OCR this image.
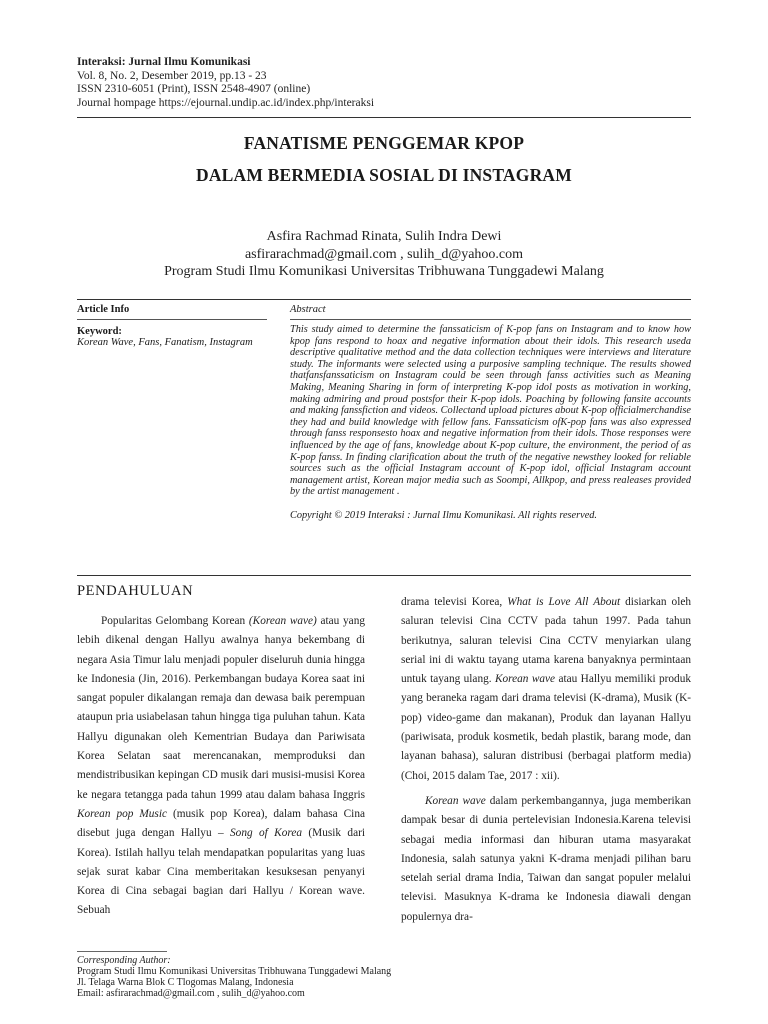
Interaksi: Jurnal Ilmu Komunikasi
Vol. 8, No. 2, Desember 2019, pp.13 - 23
ISSN 2310-6051 (Print), ISSN 2548-4907 (online)
Journal hompage https://ejournal.undip.ac.id/index.php/interaksi
FANATISME PENGGEMAR KPOP
DALAM BERMEDIA SOSIAL DI INSTAGRAM
Asfira Rachmad Rinata, Sulih Indra Dewi
asfirarachmad@gmail.com , sulih_d@yahoo.com
Program Studi Ilmu Komunikasi Universitas Tribhuwana Tunggadewi Malang
Article Info
Keyword:
Korean Wave, Fans, Fanatism, Instagram
Abstract
This study aimed to determine the fanssaticism of K-pop fans on Instagram and to know how kpop fans respond to hoax and negative information about their idols. This research useda descriptive qualitative method and the data collection techniques were interviews and literature study. The informants were selected using a purposive sampling technique. The results showed thatfansfanssaticism on Instagram could be seen through fanss activities such as Meaning Making, Meaning Sharing in form of interpreting K-pop idol posts as motivation in working, making admiring and proud postsfor their K-pop idols. Poaching by following fansite accounts and making fanssfiction and videos. Collectand upload pictures about K-pop officialmerchandise they had and build knowledge with fellow fans. Fanssaticism ofK-pop fans was also expressed through fanss responsesto hoax and negative information from their idols. Those responses were influenced by the age of fans, knowledge about K-pop culture, the environment, the period of as K-pop fanss. In finding clarification about the truth of the negative newsthey looked for reliable sources such as the official Instagram account of K-pop idol, official Instagram account management artist, Korean major media such as Soompi, Allkpop, and press realeases provided by the artist management .
Copyright © 2019 Interaksi : Jurnal Ilmu Komunikasi. All rights reserved.
PENDAHULUAN

Popularitas Gelombang Korean (Korean wave) atau yang lebih dikenal dengan Hallyu awalnya hanya bekembang di negara Asia Timur lalu menjadi populer diseluruh dunia hingga ke Indonesia (Jin, 2016). Perkembangan budaya Korea saat ini sangat populer dikalangan remaja dan dewasa baik perempuan ataupun pria usiabelasan tahun hingga tiga puluhan tahun. Kata Hallyu digunakan oleh Kementrian Budaya dan Pariwisata Korea Selatan saat merencanakan, memproduksi dan mendistribusikan kepingan CD musik dari musisi-musisi Korea ke negara tetangga pada tahun 1999 atau dalam bahasa Inggris Korean pop Music (musik pop Korea), dalam bahasa Cina disebut juga dengan Hallyu – Song of Korea (Musik dari Korea). Istilah hallyu telah mendapatkan popularitas yang luas sejak surat kabar Cina memberitakan kesuksesan penyanyi Korea di Cina sebagai bagian dari Hallyu / Korean wave. Sebuah

drama televisi Korea, What is Love All About disiarkan oleh saluran televisi Cina CCTV pada tahun 1997. Pada tahun berikutnya, saluran televisi Cina CCTV menyiarkan ulang serial ini di waktu tayang utama karena banyaknya permintaan untuk tayang ulang. Korean wave atau Hallyu memiliki produk yang beraneka ragam dari drama televisi (K-drama), Musik (K-pop) video-game dan makanan), Produk dan layanan Hallyu (pariwisata, produk kosmetik, bedah plastik, barang mode, dan layanan bahasa), saluran distribusi (berbagai platform media) (Choi, 2015 dalam Tae, 2017 : xii).

Korean wave dalam perkembangannya, juga memberikan dampak besar di dunia pertelevisian Indonesia.Karena televisi sebagai media informasi dan hiburan utama masyarakat Indonesia, salah satunya yakni K-drama menjadi pilihan baru setelah serial drama India, Taiwan dan sangat populer melalui televisi. Masuknya K-drama ke Indonesia diawali dengan populernya dra-

Corresponding Author:
Program Studi Ilmu Komunikasi Universitas Tribhuwana Tunggadewi Malang
Jl. Telaga Warna Blok C Tlogomas Malang, Indonesia
Email: asfirarachmad@gmail.com , sulih_d@yahoo.com
